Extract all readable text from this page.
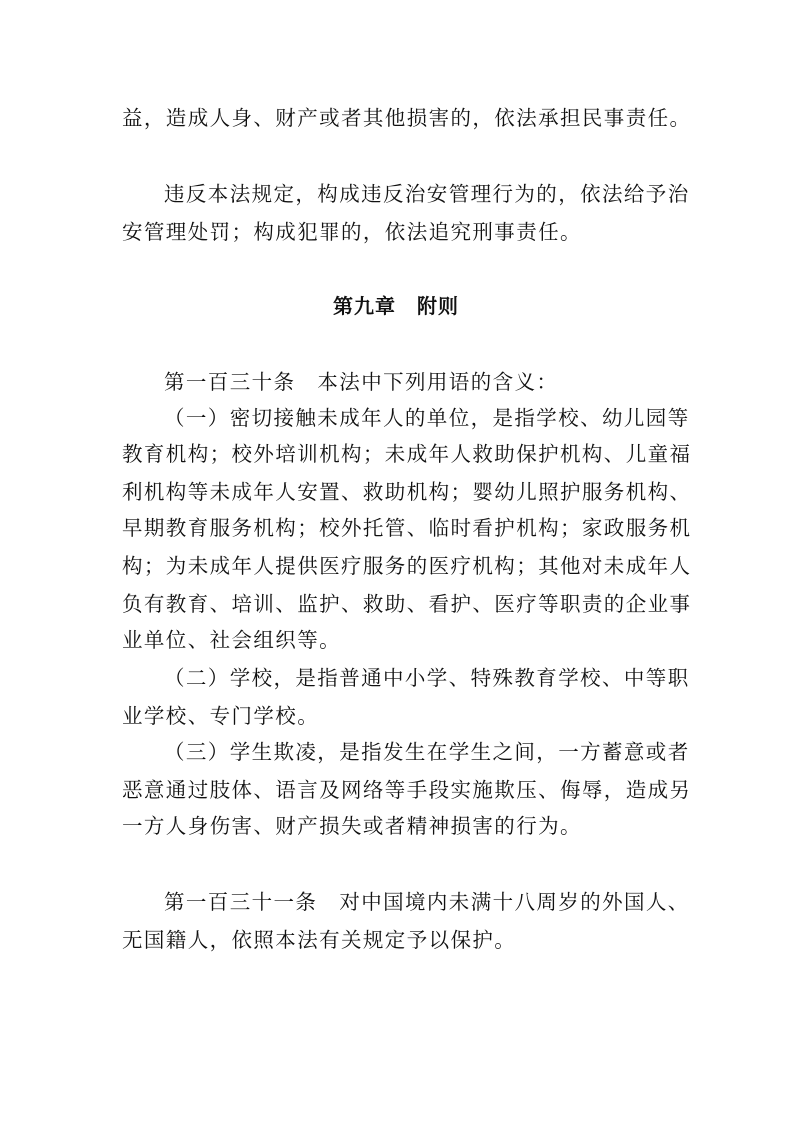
益，造成人身、财产或者其他损害的，依法承担民事责任。
违反本法规定，构成违反治安管理行为的，依法给予治
安管理处罚；构成犯罪的，依法追究刑事责任。
第九章　附则
第一百三十条 本法中下列用语的含义：
（一）密切接触未成年人的单位，是指学校、幼儿园等
教育机构；校外培训机构；未成年人救助保护机构、儿童福
利机构等未成年人安置、救助机构；婴幼儿照护服务机构、
早期教育服务机构；校外托管、临时看护机构；家政服务机
构；为未成年人提供医疗服务的医疗机构；其他对未成年人
负有教育、培训、监护、救助、看护、医疗等职责的企业事
业单位、社会组织等。
（二）学校，是指普通中小学、特殊教育学校、中等职
业学校、专门学校。
（三）学生欺凌，是指发生在学生之间，一方蓄意或者
恶意通过肢体、语言及网络等手段实施欺压、侮辱，造成另
一方人身伤害、财产损失或者精神损害的行为。
第一百三十一条 对中国境内未满十八周岁的外国人、
无国籍人，依照本法有关规定予以保护。
